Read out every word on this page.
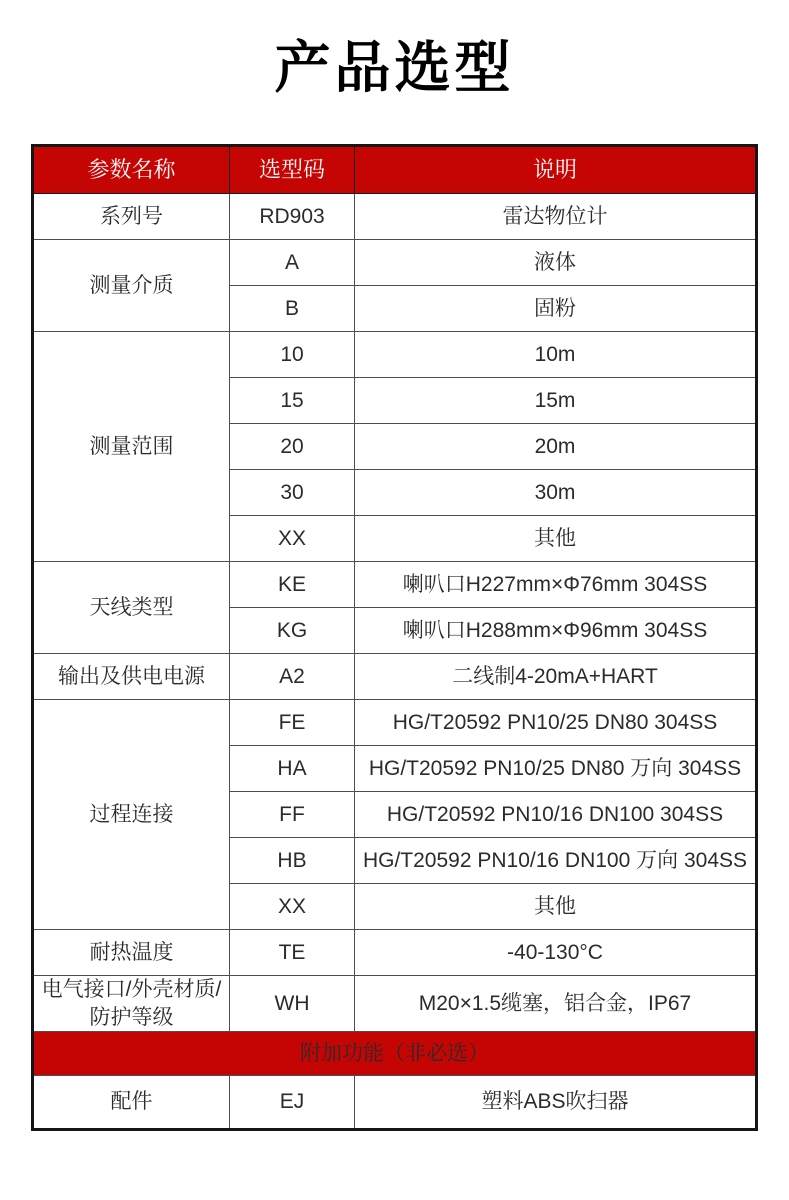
产品选型
参数名称	选型码	说明
系列号	RD903	雷达物位计
测量介质	A	液体
	B	固粉
测量范围	10	10m
	15	15m
	20	20m
	30	30m
	XX	其他
天线类型	KE	喇叭口H227mm×Φ76mm 304SS
	KG	喇叭口H288mm×Φ96mm 304SS
输出及供电电源	A2	二线制4-20mA+HART
过程连接	FE	HG/T20592 PN10/25 DN80 304SS
	HA	HG/T20592 PN10/25 DN80 万向 304SS
	FF	HG/T20592 PN10/16 DN100 304SS
	HB	HG/T20592 PN10/16 DN100 万向 304SS
	XX	其他
耐热温度	TE	-40-130°C
电气接口/外壳材质/防护等级	WH	M20×1.5缆塞，铝合金，IP67
附加功能（非必选）		
配件	EJ	塑料ABS吹扫器
